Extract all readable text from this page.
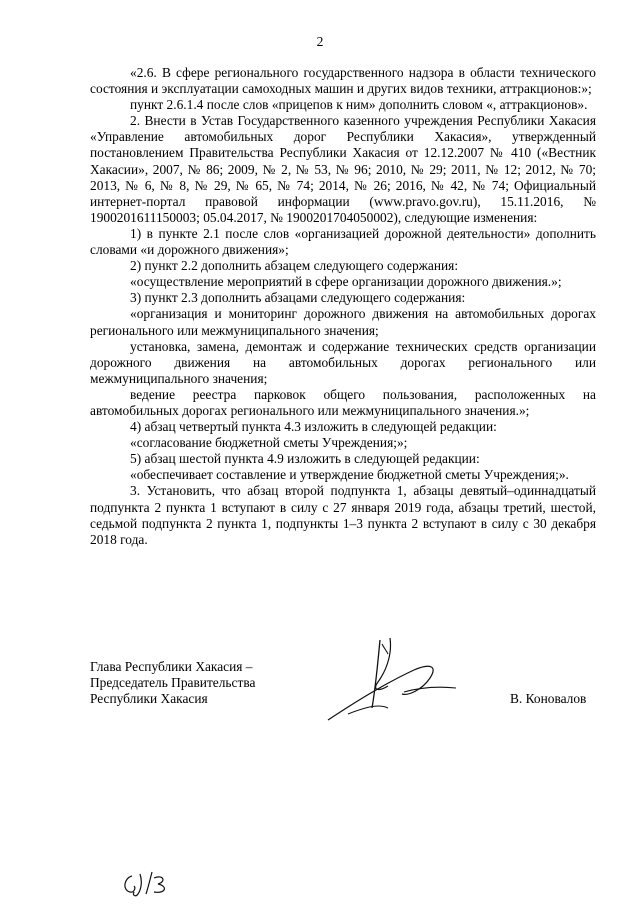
2

«2.6. В сфере регионального государственного надзора в области технического состояния и эксплуатации самоходных машин и других видов техники, аттракционов:»;

пункт 2.6.1.4 после слов «прицепов к ним» дополнить словом «, аттракционов».

2. Внести в Устав Государственного казенного учреждения Республики Хакасия «Управление автомобильных дорог Республики Хакасия», утвержденный постановлением Правительства Республики Хакасия от 12.12.2007 № 410 («Вестник Хакасии», 2007, № 86; 2009, № 2, № 53, № 96; 2010, № 29; 2011, № 12; 2012, № 70; 2013, № 6, № 8, № 29, № 65, № 74; 2014, № 26; 2016, № 42, № 74; Официальный интернет-портал правовой информации (www.pravo.gov.ru), 15.11.2016, № 1900201611150003; 05.04.2017, № 1900201704050002), следующие изменения:

1) в пункте 2.1 после слов «организацией дорожной деятельности» дополнить словами «и дорожного движения»;

2) пункт 2.2 дополнить абзацем следующего содержания:

«осуществление мероприятий в сфере организации дорожного движения.»;

3) пункт 2.3 дополнить абзацами следующего содержания:

«организация и мониторинг дорожного движения на автомобильных дорогах регионального или межмуниципального значения;

установка, замена, демонтаж и содержание технических средств организации дорожного движения на автомобильных дорогах регионального или межмуниципального значения;

ведение реестра парковок общего пользования, расположенных на автомобильных дорогах регионального или межмуниципального значения.»;

4) абзац четвертый пункта 4.3 изложить в следующей редакции:

«согласование бюджетной сметы Учреждения;»;

5) абзац шестой пункта 4.9 изложить в следующей редакции:

«обеспечивает составление и утверждение бюджетной сметы Учреждения;».

3. Установить, что абзац второй подпункта 1, абзацы девятый–одиннадцатый подпункта 2 пункта 1 вступают в силу с 27 января 2019 года, абзацы третий, шестой, седьмой подпункта 2 пункта 1, подпункты 1–3 пункта 2 вступают в силу с 30 декабря 2018 года.

Глава Республики Хакасия –
Председатель Правительства
Республики Хакасия	В. Коновалов
